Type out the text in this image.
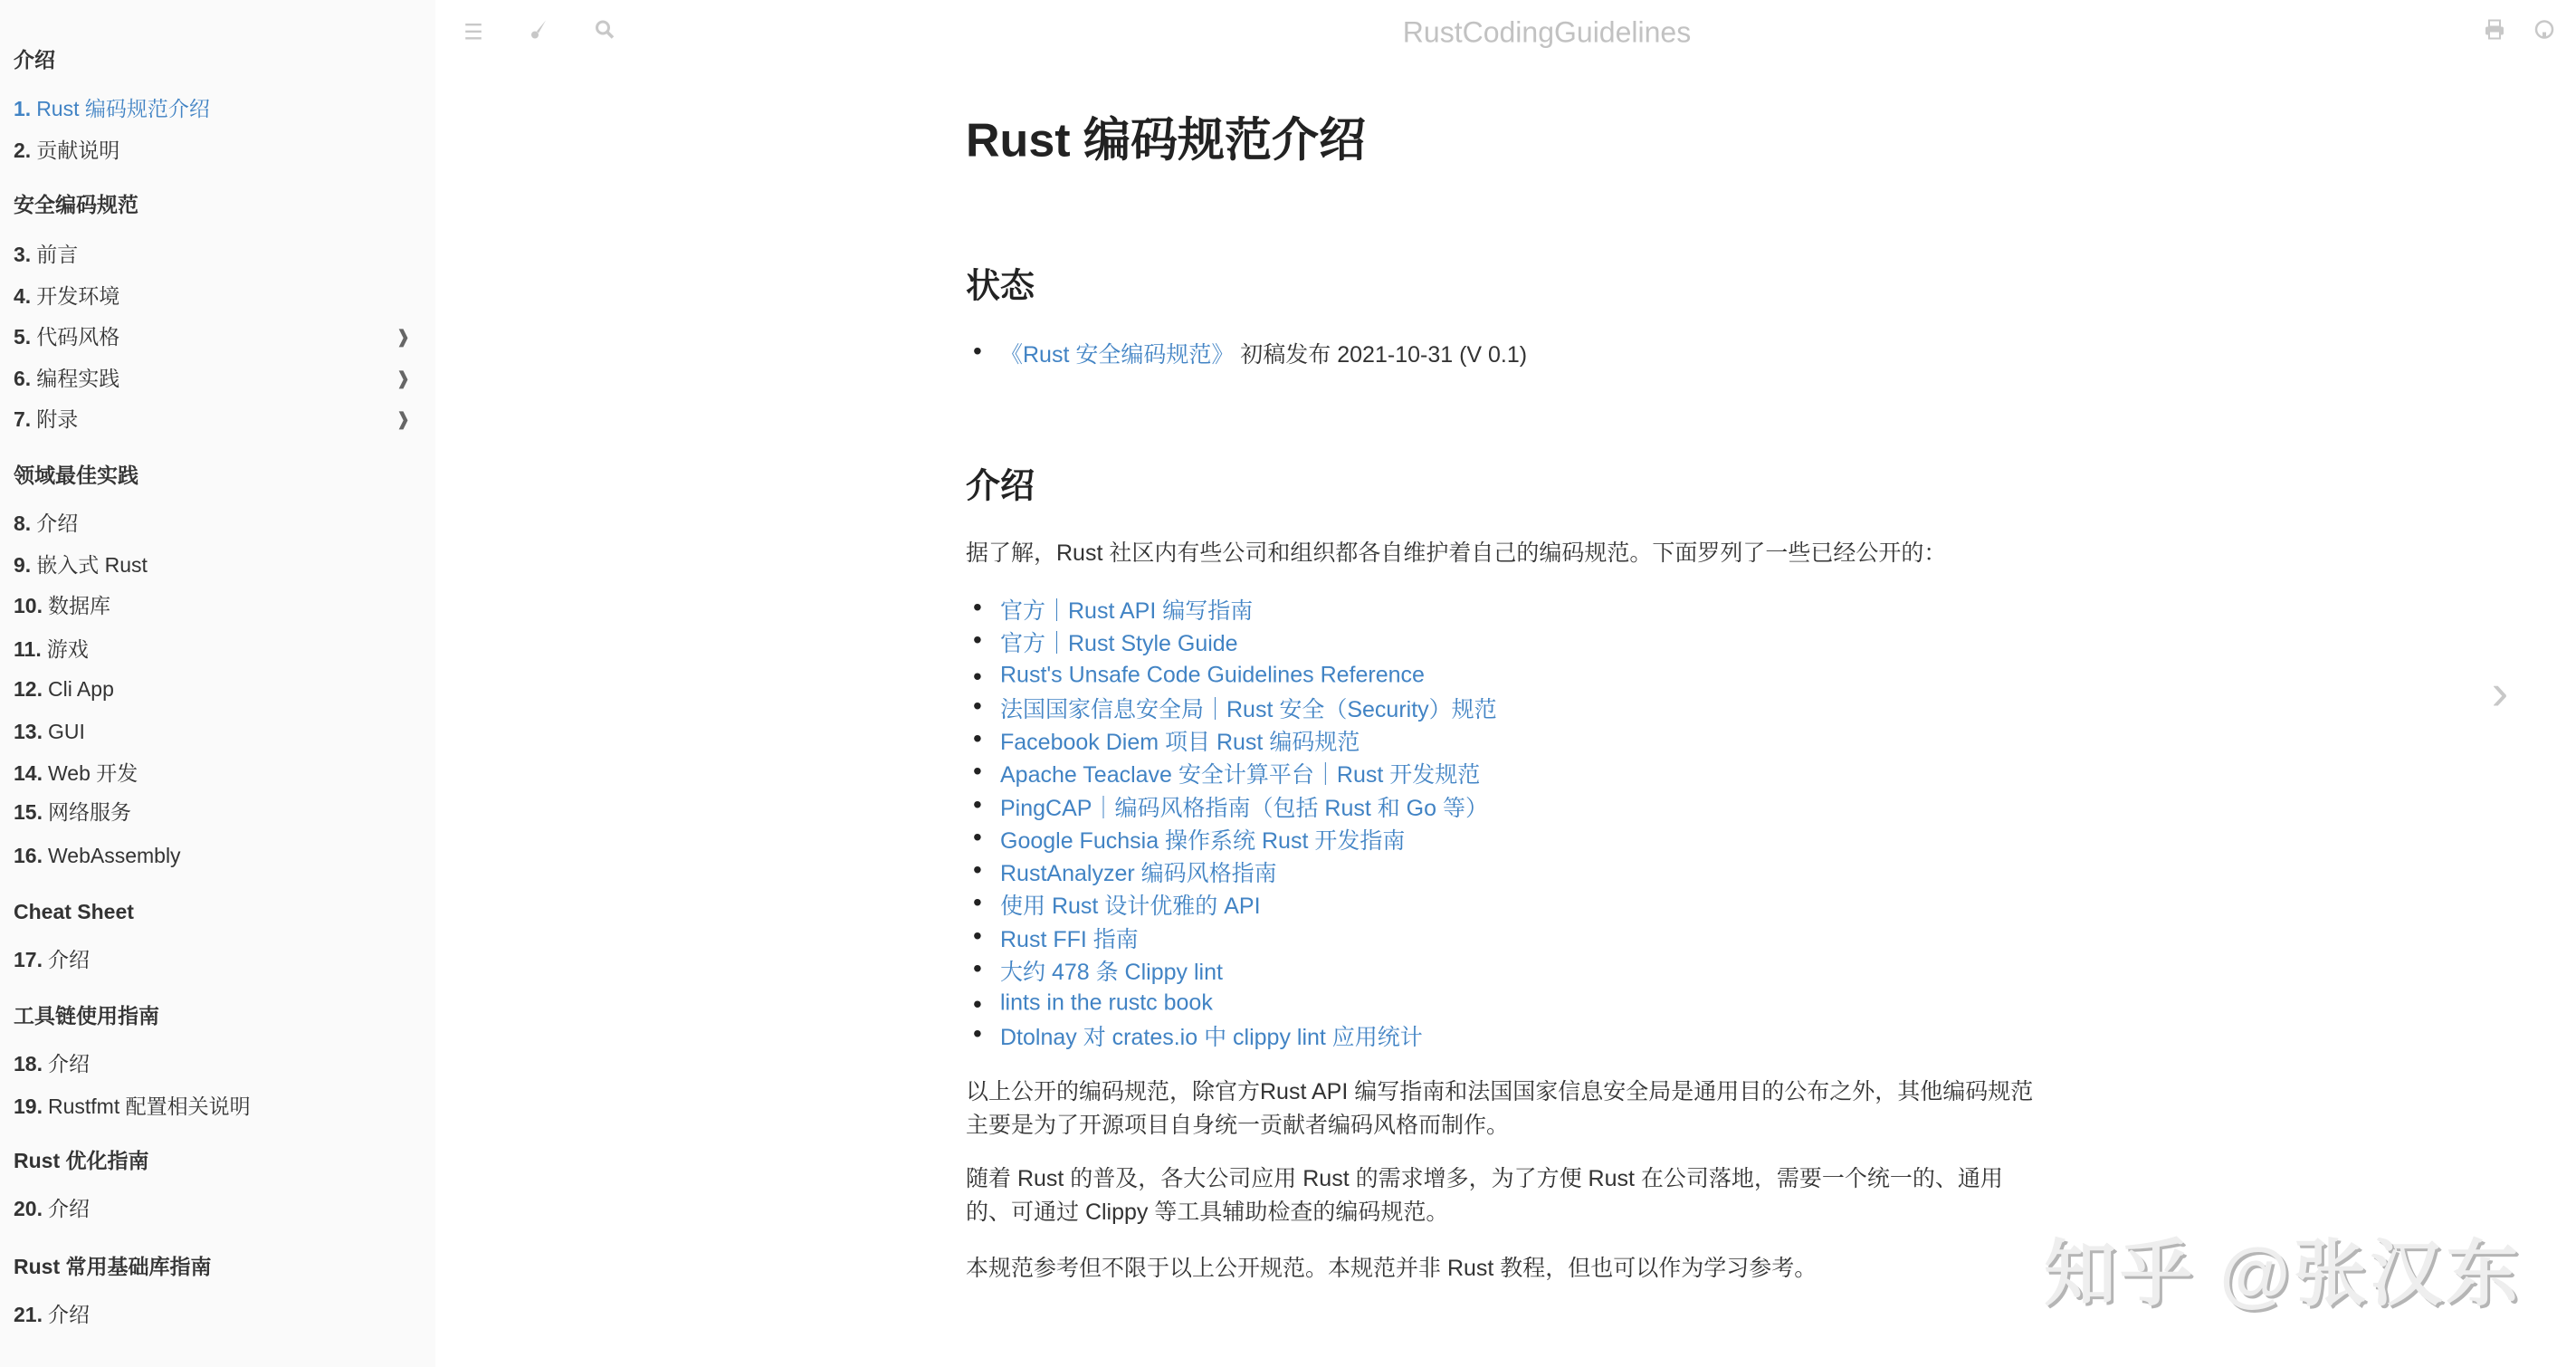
介绍
1. Rust 编码规范介绍
2. 贡献说明
安全编码规范
3. 前言
4. 开发环境
5. 代码风格	❱
6. 编程实践	❱
7. 附录	❱
领域最佳实践
8. 介绍
9. 嵌入式 Rust
10. 数据库
11. 游戏
12. Cli App
13. GUI
14. Web 开发
15. 网络服务
16. WebAssembly
Cheat Sheet
17. 介绍
工具链使用指南
18. 介绍
19. Rustfmt 配置相关说明
Rust 优化指南
20. 介绍
Rust 常用基础库指南
21. 介绍
☰	RustCodingGuidelines
Rust 编码规范介绍
状态
• 《Rust 安全编码规范》 初稿发布 2021-10-31 (V 0.1)
介绍
据了解，Rust 社区内有些公司和组织都各自维护着自己的编码规范。下面罗列了一些已经公开的：
• 官方｜Rust API 编写指南
• 官方｜Rust Style Guide
• Rust's Unsafe Code Guidelines Reference
• 法国国家信息安全局｜Rust 安全（Security）规范
• Facebook Diem 项目 Rust 编码规范
• Apache Teaclave 安全计算平台｜Rust 开发规范
• PingCAP｜编码风格指南（包括 Rust 和 Go 等）
• Google Fuchsia 操作系统 Rust 开发指南
• RustAnalyzer 编码风格指南
• 使用 Rust 设计优雅的 API
• Rust FFI 指南
• 大约 478 条 Clippy lint
• lints in the rustc book
• Dtolnay 对 crates.io 中 clippy lint 应用统计
以上公开的编码规范，除官方Rust API 编写指南和法国国家信息安全局是通用目的公布之外，其他编码规范主要是为了开源项目自身统一贡献者编码风格而制作。
随着 Rust 的普及，各大公司应用 Rust 的需求增多，为了方便 Rust 在公司落地，需要一个统一的、通用的、可通过 Clippy 等工具辅助检查的编码规范。
本规范参考但不限于以上公开规范。本规范并非 Rust 教程，但也可以作为学习参考。
›
知乎 @张汉东
